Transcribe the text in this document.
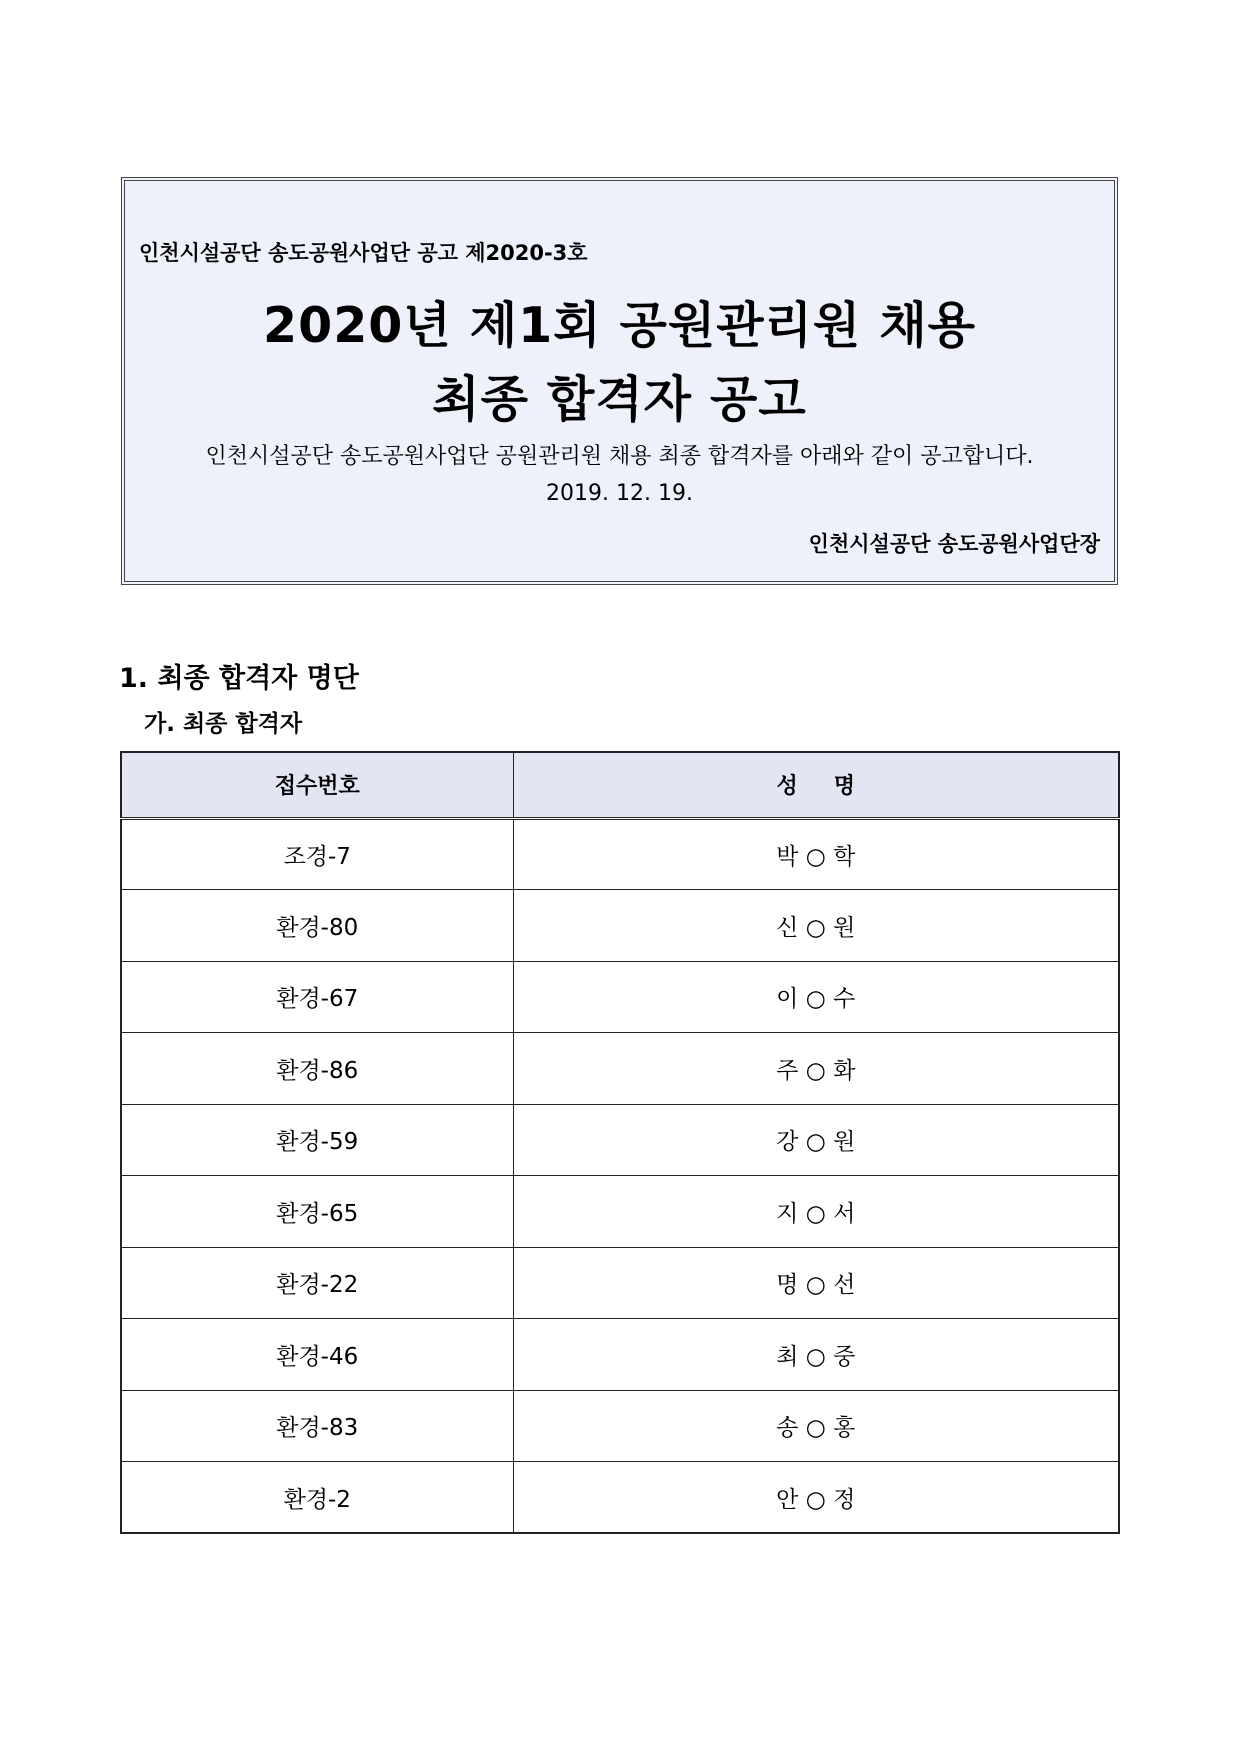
인천시설공단 송도공원사업단 공고 제2020-3호
2020년 제1회 공원관리원 채용
최종 합격자 공고
인천시설공단 송도공원사업단 공원관리원 채용 최종 합격자를 아래와 같이 공고합니다.
2019. 12. 19.
인천시설공단 송도공원사업단장
1. 최종 합격자 명단
가. 최종 합격자
접수번호	성명
조경-7	박 ○ 학
환경-80	신 ○ 원
환경-67	이 ○ 수
환경-86	주 ○ 화
환경-59	강 ○ 원
환경-65	지 ○ 서
환경-22	명 ○ 선
환경-46	최 ○ 중
환경-83	송 ○ 홍
환경-2	안 ○ 정
